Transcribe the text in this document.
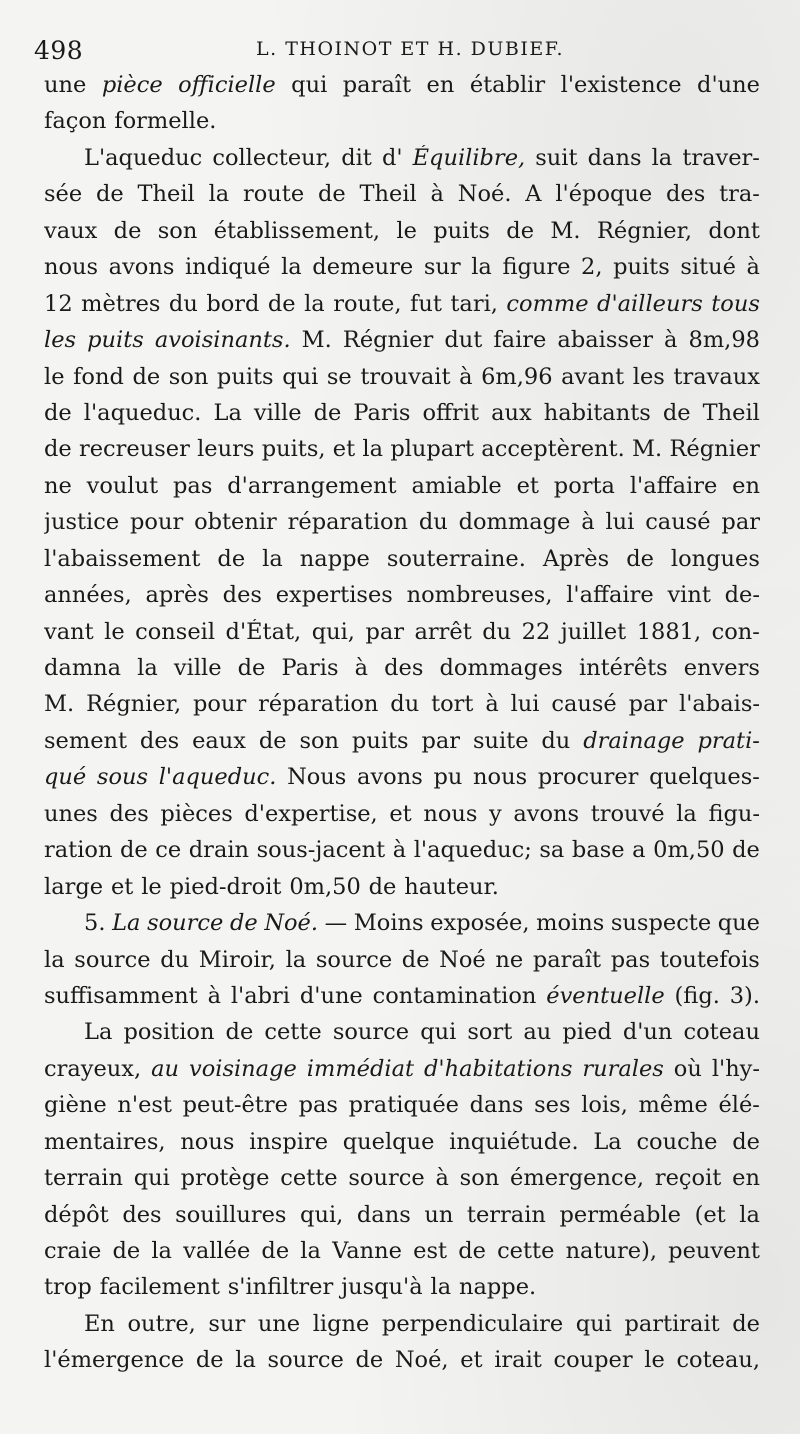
498	L. THOINOT ET H. DUBIEF.
une pièce officielle qui paraît en établir l'existence d'une
façon formelle.
L'aqueduc collecteur, dit d' Équilibre, suit dans la traver-
sée de Theil la route de Theil à Noé. A l'époque des tra-
vaux de son établissement, le puits de M. Régnier, dont
nous avons indiqué la demeure sur la figure 2, puits situé à
12 mètres du bord de la route, fut tari, comme d'ailleurs tous
les puits avoisinants. M. Régnier dut faire abaisser à 8m,98
le fond de son puits qui se trouvait à 6m,96 avant les travaux
de l'aqueduc. La ville de Paris offrit aux habitants de Theil
de recreuser leurs puits, et la plupart acceptèrent. M. Régnier
ne voulut pas d'arrangement amiable et porta l'affaire en
justice pour obtenir réparation du dommage à lui causé par
l'abaissement de la nappe souterraine. Après de longues
années, après des expertises nombreuses, l'affaire vint de-
vant le conseil d'État, qui, par arrêt du 22 juillet 1881, con-
damna la ville de Paris à des dommages intérêts envers
M. Régnier, pour réparation du tort à lui causé par l'abais-
sement des eaux de son puits par suite du drainage prati-
qué sous l'aqueduc. Nous avons pu nous procurer quelques-
unes des pièces d'expertise, et nous y avons trouvé la figu-
ration de ce drain sous-jacent à l'aqueduc; sa base a 0m,50 de
large et le pied-droit 0m,50 de hauteur.
5. La source de Noé. — Moins exposée, moins suspecte que
la source du Miroir, la source de Noé ne paraît pas toutefois
suffisamment à l'abri d'une contamination éventuelle (fig. 3).
La position de cette source qui sort au pied d'un coteau
crayeux, au voisinage immédiat d'habitations rurales où l'hy-
giène n'est peut-être pas pratiquée dans ses lois, même élé-
mentaires, nous inspire quelque inquiétude. La couche de
terrain qui protège cette source à son émergence, reçoit en
dépôt des souillures qui, dans un terrain perméable (et la
craie de la vallée de la Vanne est de cette nature), peuvent
trop facilement s'infiltrer jusqu'à la nappe.
En outre, sur une ligne perpendiculaire qui partirait de
l'émergence de la source de Noé, et irait couper le coteau,
